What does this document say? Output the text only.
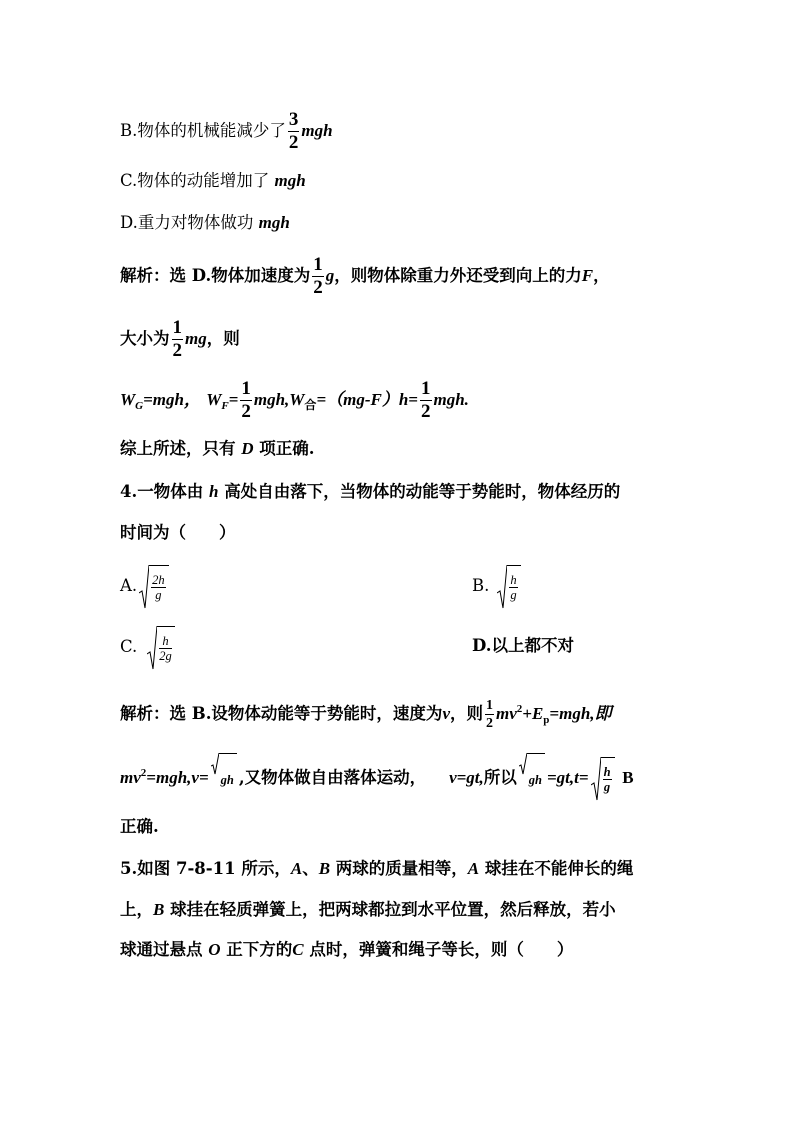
B.物体的机械能减少了 $\frac{3}{2}$ mgh
C.物体的动能增加了 mgh
D.重力对物体做功 mgh
解析：选 D.物体加速度为 $\frac{1}{2}$ g，则物体除重力外还受到向上的力F，
大小为 $\frac{1}{2}$ mg，则
$W_G=mgh$， $W_F= \frac{1}{2} mgh,W_合=(mg-F)h= \frac{1}{2}$ mgh.
综上所述，只有 D 项正确.
4.一物体由 h 高处自由落下，当物体的动能等于势能时，物体经历的
时间为（　　）
A. $\frac{2h}{g}$	B. $\frac{h}{g}$
C. $\frac{h}{2g}$	D.以上都不对
解析：选 B.设物体动能等于势能时，速度为v，则 $\frac{1}{2} mv^2+E_p=mgh$,即
$mv^2=mgh,v=$ gh ,又物体做自由落体运动， v=gt,所以 gh $=gt,t= \frac{h}{g}$ B
正确.
5.如图 7-8-11 所示，A、B 两球的质量相等，A 球挂在不能伸长的绳
上，B 球挂在轻质弹簧上，把两球都拉到水平位置，然后释放，若小
球通过悬点 O 正下方的C 点时，弹簧和绳子等长，则（　　）
